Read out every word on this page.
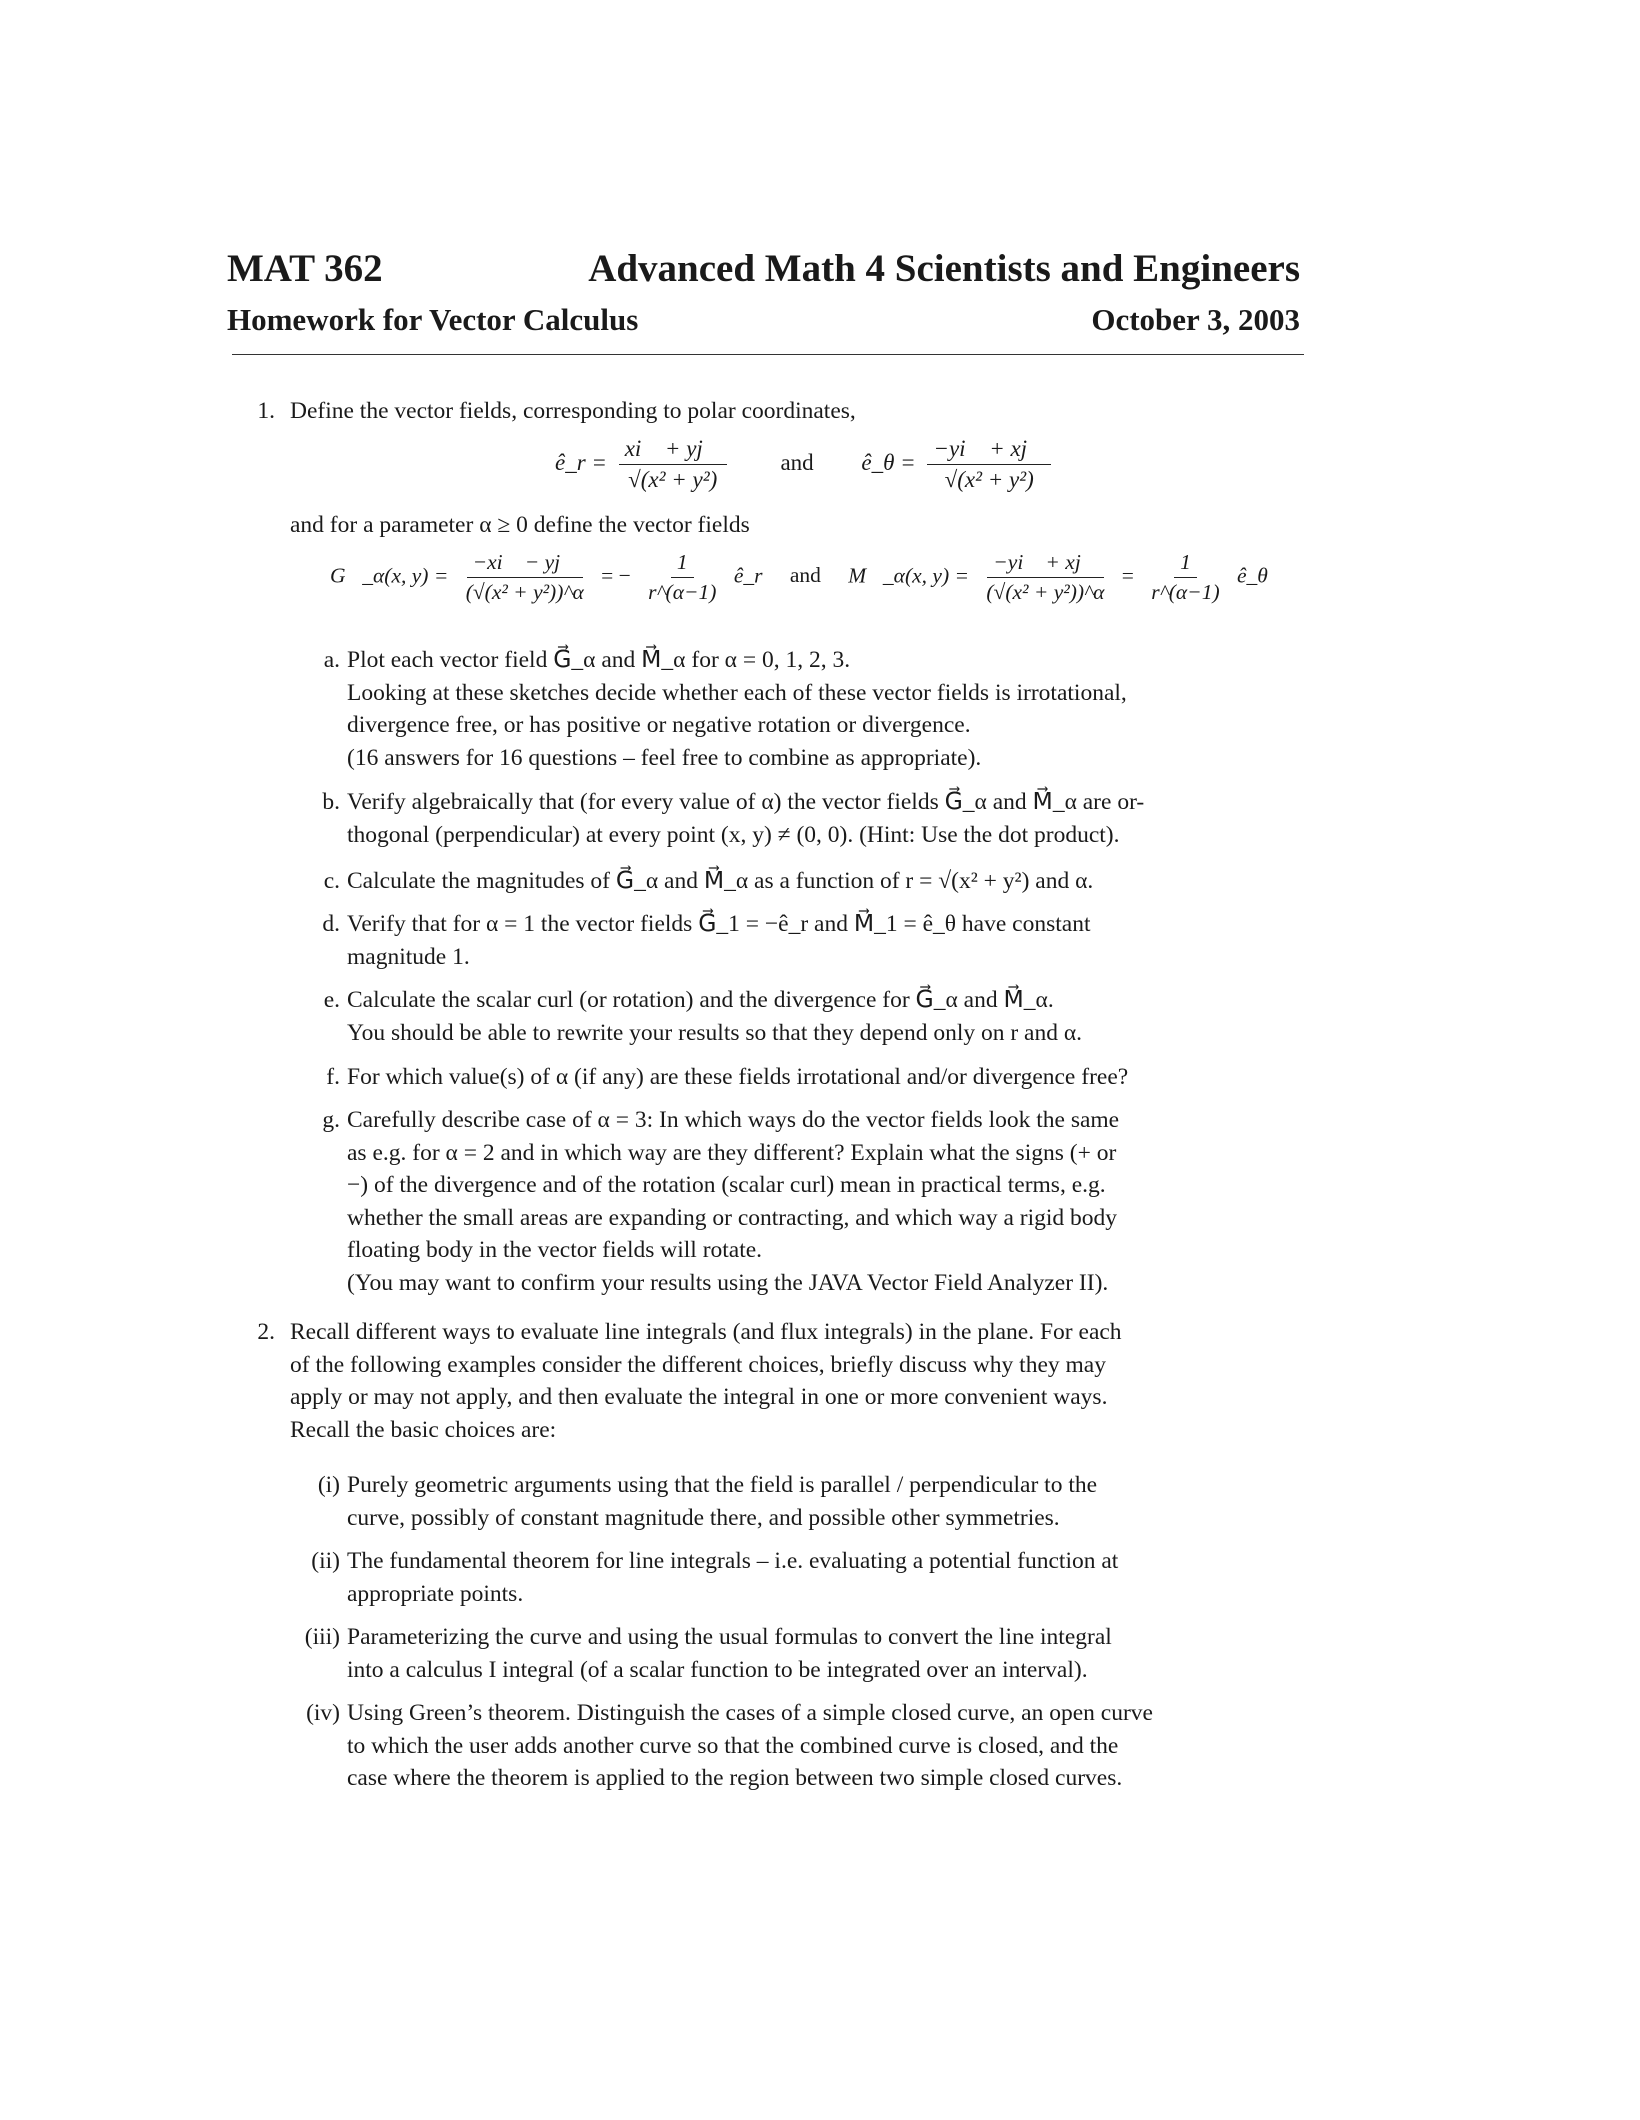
MAT 362	Advanced Math 4 Scientists and Engineers
Homework for Vector Calculus	October 3, 2003
1. Define the vector fields, corresponding to polar coordinates,
ê_r = $\frac{xi⃗ + yj⃗}{\text{√(x² + y²)}}$ and ê_θ = $\frac{-yi⃗ + xj⃗}{\text{√(x² + y²)}}$
and for a parameter α ≥ 0 define the vector fields
G⃗_α(x, $y) = \frac{-xi⃗ - yj⃗}{\text{(√(x² + y²))\textasciicircum{}α}}$ = − $\frac{1}{r\^{}(\alpha-1)}$ ê_r and M⃗_α(x, $y) = \frac{-yi⃗ + xj⃗}{\text{(√(x² + y²))\textasciicircum{}α}} = \frac{1}{r\^{}(\alpha-1)}$ ê_θ
a. Plot each vector field G⃗_α and M⃗_α for α = 0, 1, 2, 3.
Looking at these sketches decide whether each of these vector fields is irrotational,
divergence free, or has positive or negative rotation or divergence.
(16 answers for 16 questions – feel free to combine as appropriate).
b. Verify algebraically that (for every value of α) the vector fields G⃗_α and M⃗_α are or-
thogonal (perpendicular) at every point (x, y) ≠ (0, 0). (Hint: Use the dot product).
c. Calculate the magnitudes of G⃗_α and M⃗_α as a function of r = √(x² + y²) and α.
d. Verify that for α = 1 the vector fields G⃗_1 = −ê_r and M⃗_1 = ê_θ have constant
magnitude 1.
e. Calculate the scalar curl (or rotation) and the divergence for G⃗_α and M⃗_α.
You should be able to rewrite your results so that they depend only on r and α.
f. For which value(s) of α (if any) are these fields irrotational and/or divergence free?
g. Carefully describe case of α = 3: In which ways do the vector fields look the same
as e.g. for α = 2 and in which way are they different? Explain what the signs (+ or
−) of the divergence and of the rotation (scalar curl) mean in practical terms, e.g.
whether the small areas are expanding or contracting, and which way a rigid body
floating body in the vector fields will rotate.
(You may want to confirm your results using the JAVA Vector Field Analyzer II).
2. Recall different ways to evaluate line integrals (and flux integrals) in the plane. For each
of the following examples consider the different choices, briefly discuss why they may
apply or may not apply, and then evaluate the integral in one or more convenient ways.
Recall the basic choices are:
(i) Purely geometric arguments using that the field is parallel / perpendicular to the
curve, possibly of constant magnitude there, and possible other symmetries.
(ii) The fundamental theorem for line integrals – i.e. evaluating a potential function at
appropriate points.
(iii) Parameterizing the curve and using the usual formulas to convert the line integral
into a calculus I integral (of a scalar function to be integrated over an interval).
(iv) Using Green’s theorem. Distinguish the cases of a simple closed curve, an open curve
to which the user adds another curve so that the combined curve is closed, and the
case where the theorem is applied to the region between two simple closed curves.
